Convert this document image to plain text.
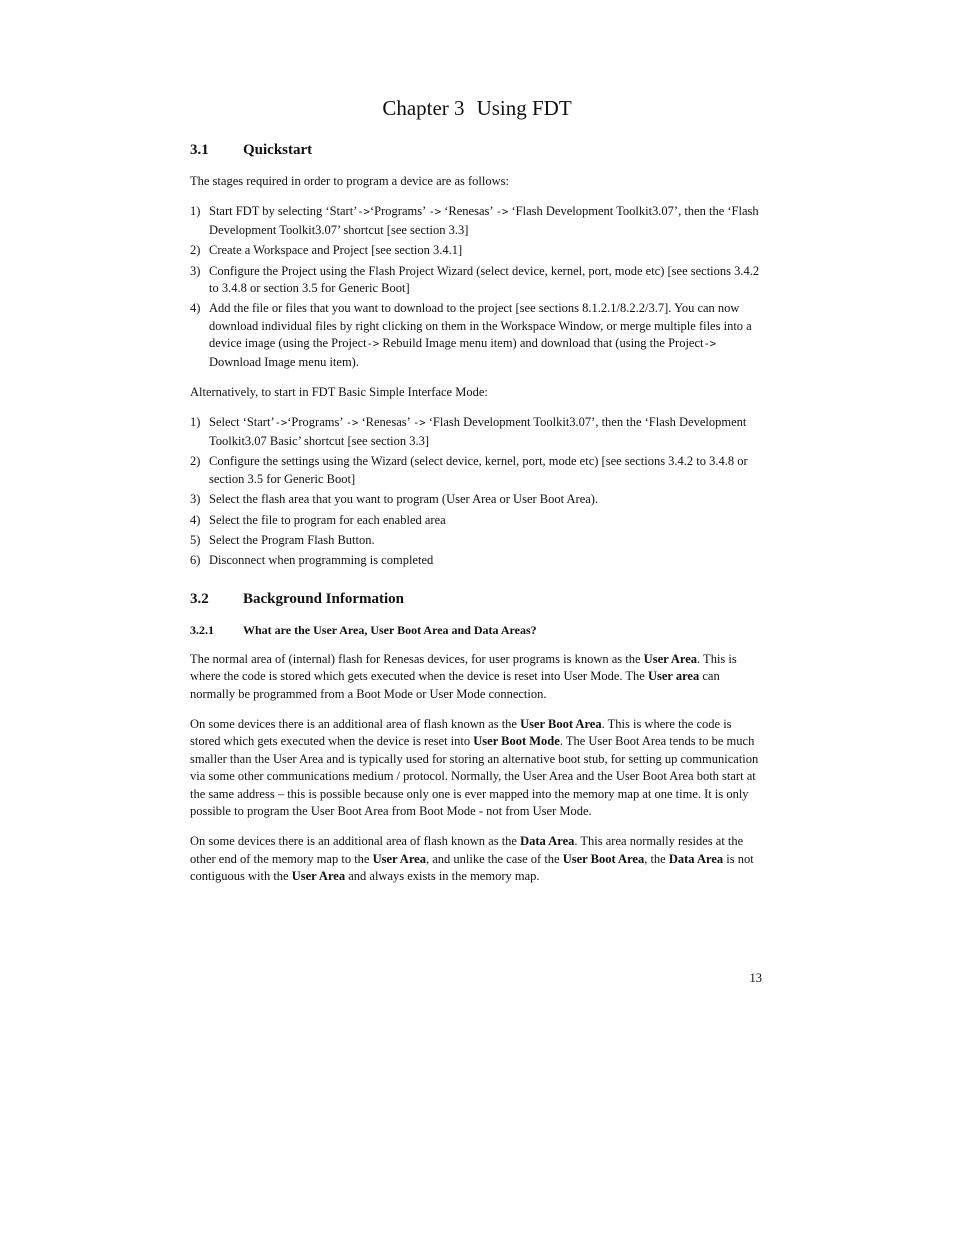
Chapter 3 Using FDT
3.1	Quickstart

The stages required in order to program a device are as follows:

1) Start FDT by selecting ‘Start’->‘Programs’ -> ‘Renesas’ -> ‘Flash Development Toolkit3.07’, then the ‘Flash Development Toolkit3.07’ shortcut [see section 3.3]
2) Create a Workspace and Project [see section 3.4.1]
3) Configure the Project using the Flash Project Wizard (select device, kernel, port, mode etc) [see sections 3.4.2 to 3.4.8 or section 3.5 for Generic Boot]
4) Add the file or files that you want to download to the project [see sections 8.1.2.1/8.2.2/3.7]. You can now download individual files by right clicking on them in the Workspace Window, or merge multiple files into a device image (using the Project-> Rebuild Image menu item) and download that (using the Project-> Download Image menu item).

Alternatively, to start in FDT Basic Simple Interface Mode:

1) Select ‘Start’->‘Programs’ -> ‘Renesas’ -> ‘Flash Development Toolkit3.07’, then the ‘Flash Development Toolkit3.07 Basic’ shortcut [see section 3.3]
2) Configure the settings using the Wizard (select device, kernel, port, mode etc) [see sections 3.4.2 to 3.4.8 or section 3.5 for Generic Boot]
3) Select the flash area that you want to program (User Area or User Boot Area).
4) Select the file to program for each enabled area
5) Select the Program Flash Button.
6) Disconnect when programming is completed
3.2	Background Information
3.2.1	What are the User Area, User Boot Area and Data Areas?

The normal area of (internal) flash for Renesas devices, for user programs is known as the User Area. This is where the code is stored which gets executed when the device is reset into User Mode. The User area can normally be programmed from a Boot Mode or User Mode connection.

On some devices there is an additional area of flash known as the User Boot Area. This is where the code is stored which gets executed when the device is reset into User Boot Mode. The User Boot Area tends to be much smaller than the User Area and is typically used for storing an alternative boot stub, for setting up communication via some other communications medium / protocol. Normally, the User Area and the User Boot Area both start at the same address – this is possible because only one is ever mapped into the memory map at one time. It is only possible to program the User Boot Area from Boot Mode - not from User Mode.

On some devices there is an additional area of flash known as the Data Area. This area normally resides at the other end of the memory map to the User Area, and unlike the case of the User Boot Area, the Data Area is not contiguous with the User Area and always exists in the memory map.

13
